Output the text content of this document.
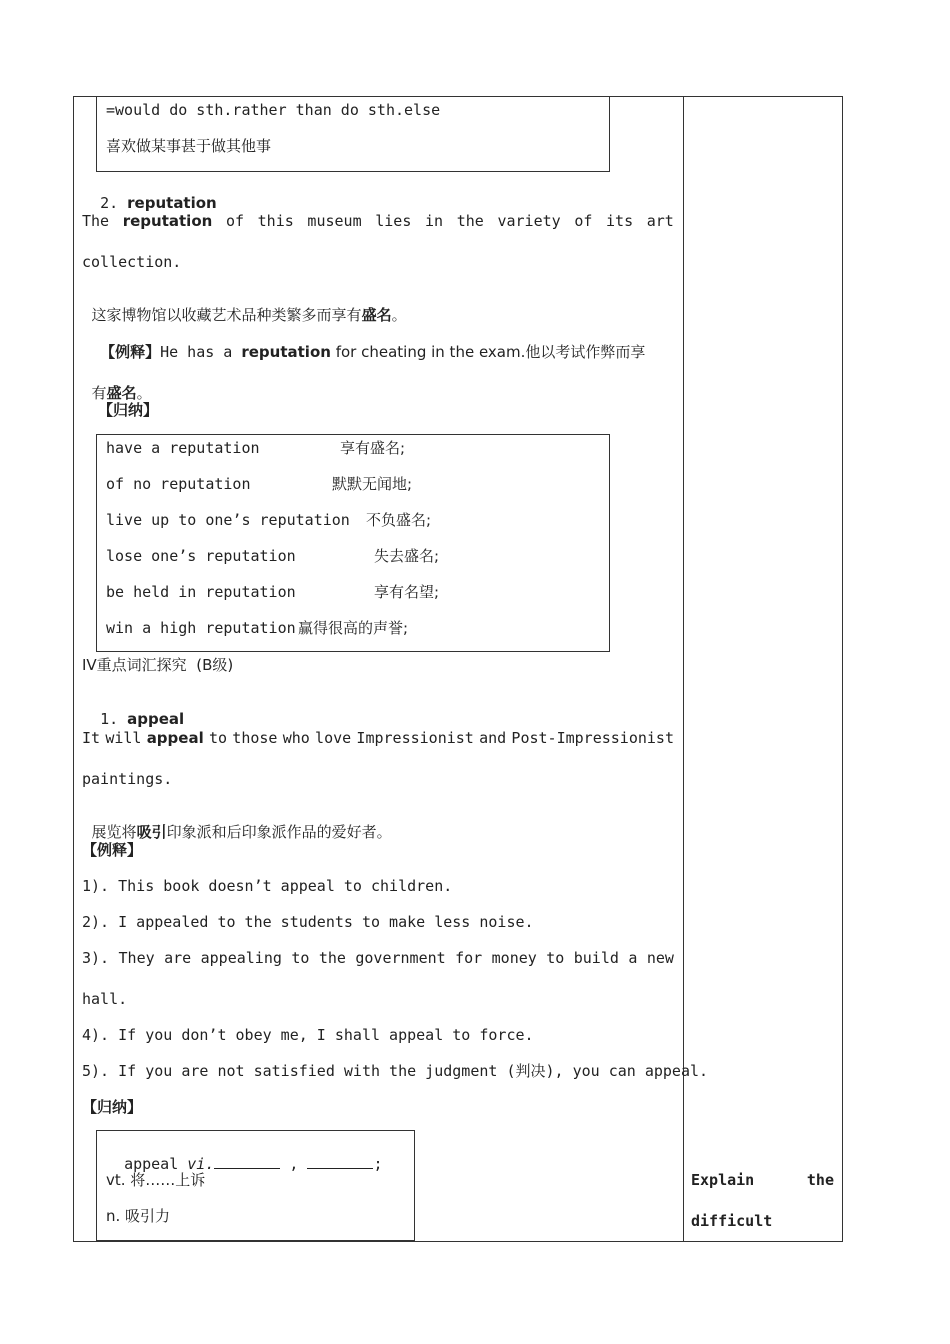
=would do sth.rather than do sth.else
喜欢做某事甚于做其他事

2. reputation

The reputation of this museum lies in the variety of its art
collection.

这家博物馆以收藏艺术品种类繁多而享有盛名。

【例释】He has a reputation for cheating in the exam.他以考试作弊而享

有盛名。

【归纳】
have a reputation	享有盛名;
of no reputation	默默无闻地;
live up to one’s reputation 不负盛名;
lose one’s reputation	失去盛名;
be held in reputation	享有名望;
win a high reputation 赢得很高的声誉;
IV重点词汇探究  (B级)

1. appeal

It will appeal to those who love Impressionist and Post-Impressionist
paintings.

展览将吸引印象派和后印象派作品的爱好者。

【例释】
1). This book doesn’t appeal to children.
2). I appealed to the students to make less noise.
3). They are appealing to the government for money to build a new
hall.
4). If you don’t obey me, I shall appeal to force.
5). If you are not satisfied with the judgment (判决), you can appeal.
【归纳】

appeal vi.	,	;

vt. 将……上诉
n. 吸引力
Explain	the
difficult
